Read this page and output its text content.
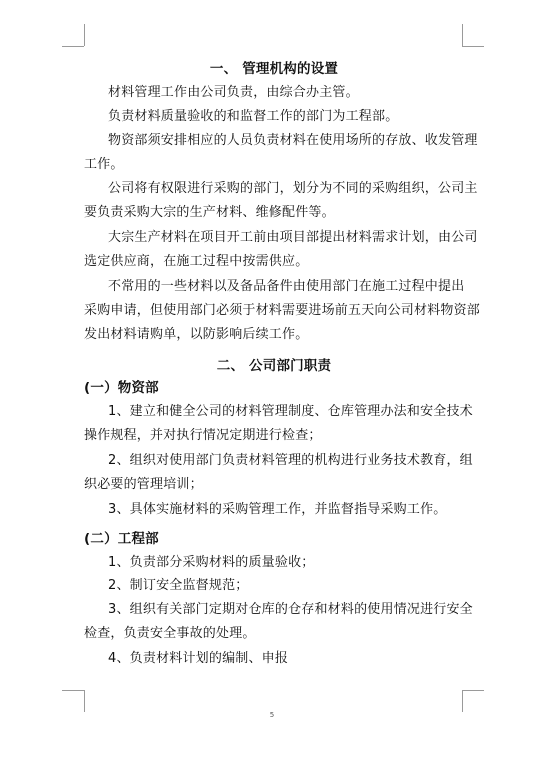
一、 管理机构的设置
材料管理工作由公司负责，由综合办主管。
负责材料质量验收的和监督工作的部门为工程部。
物资部须安排相应的人员负责材料在使用场所的存放、收发管理
工作。
公司将有权限进行采购的部门，划分为不同的采购组织，公司主
要负责采购大宗的生产材料、维修配件等。
大宗生产材料在项目开工前由项目部提出材料需求计划，由公司
选定供应商，在施工过程中按需供应。
不常用的一些材料以及备品备件由使用部门在施工过程中提出
采购申请，但使用部门必须于材料需要进场前五天向公司材料物资部
发出材料请购单，以防影响后续工作。
二、 公司部门职责
(一）物资部
1、建立和健全公司的材料管理制度、仓库管理办法和安全技术
操作规程，并对执行情况定期进行检查；
2、组织对使用部门负责材料管理的机构进行业务技术教育，组
织必要的管理培训；
3、具体实施材料的采购管理工作，并监督指导采购工作。
(二）工程部
1、负责部分采购材料的质量验收；
2、制订安全监督规范；
3、组织有关部门定期对仓库的仓存和材料的使用情况进行安全
检查，负责安全事故的处理。
4、负责材料计划的编制、申报
5
